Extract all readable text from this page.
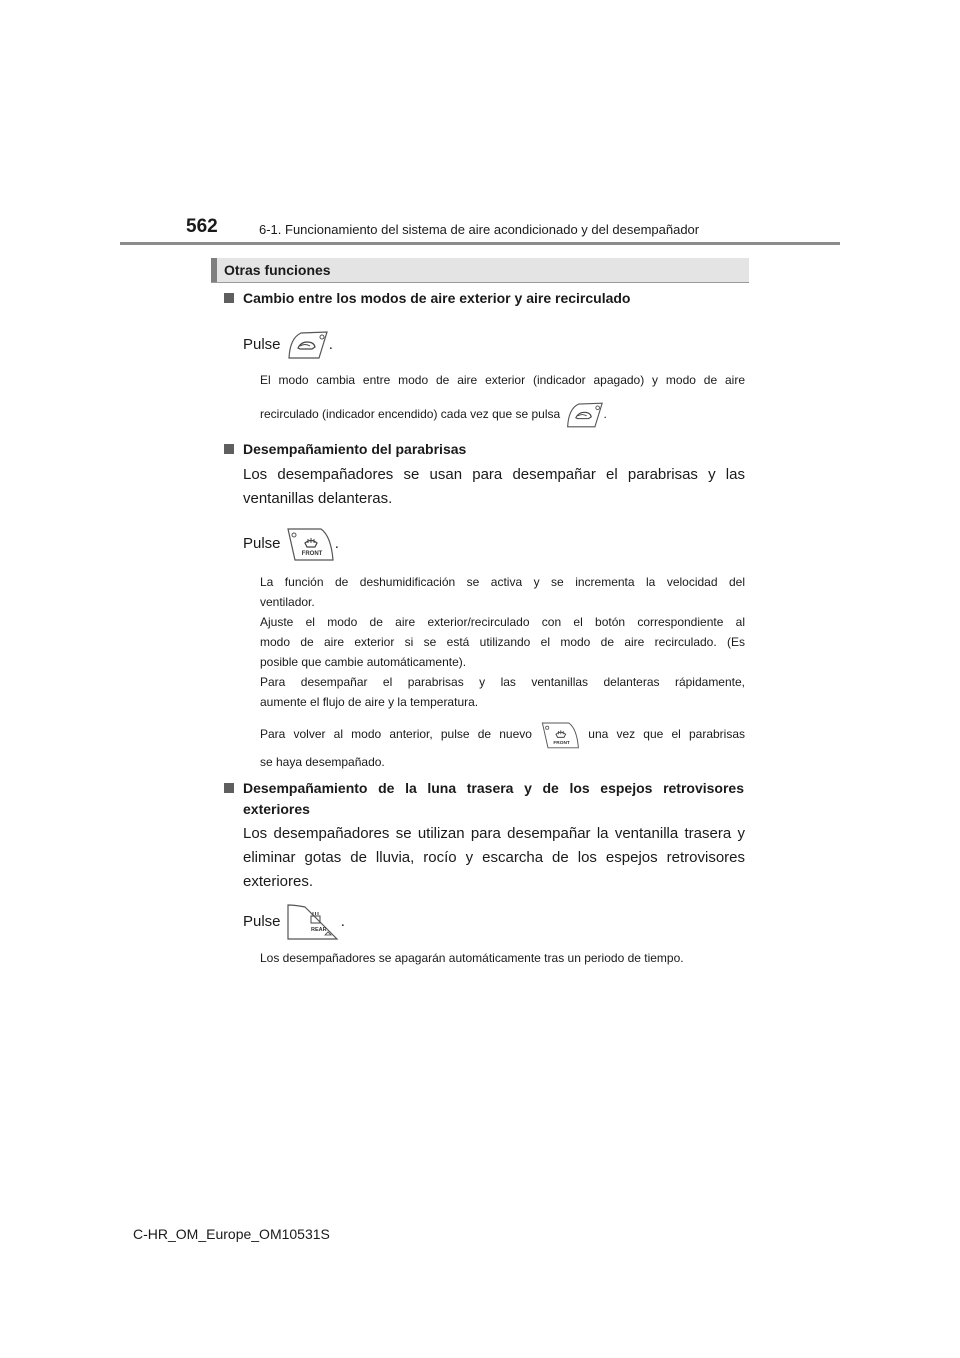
562	6-1. Funcionamiento del sistema de aire acondicionado y del desempañador
Otras funciones
Cambio entre los modos de aire exterior y aire recirculado
Pulse	.
El modo cambia entre modo de aire exterior (indicador apagado) y modo de aire
recirculado (indicador encendido) cada vez que se pulsa	.
Desempañamiento del parabrisas
Los desempañadores se usan para desempañar el parabrisas y las
ventanillas delanteras.
Pulse
FRONT
.
La función de deshumidificación se activa y se incrementa la velocidad del
ventilador.
Ajuste el modo de aire exterior/recirculado con el botón correspondiente al
modo de aire exterior si se está utilizando el modo de aire recirculado. (Es
posible que cambie automáticamente).
Para desempañar el parabrisas y las ventanillas delanteras rápidamente,
aumente el flujo de aire y la temperatura.
Para volver al modo anterior, pulse de nuevo
FRONT
una vez que el parabrisas
se haya desempañado.
Desempañamiento de la luna trasera y de los espejos retrovisores
exteriores
Los desempañadores se utilizan para desempañar la ventanilla trasera y
eliminar gotas de lluvia, rocío y escarcha de los espejos retrovisores
exteriores.
Pulse
REAR
.
Los desempañadores se apagarán automáticamente tras un periodo de tiempo.
C-HR_OM_Europe_OM10531S
